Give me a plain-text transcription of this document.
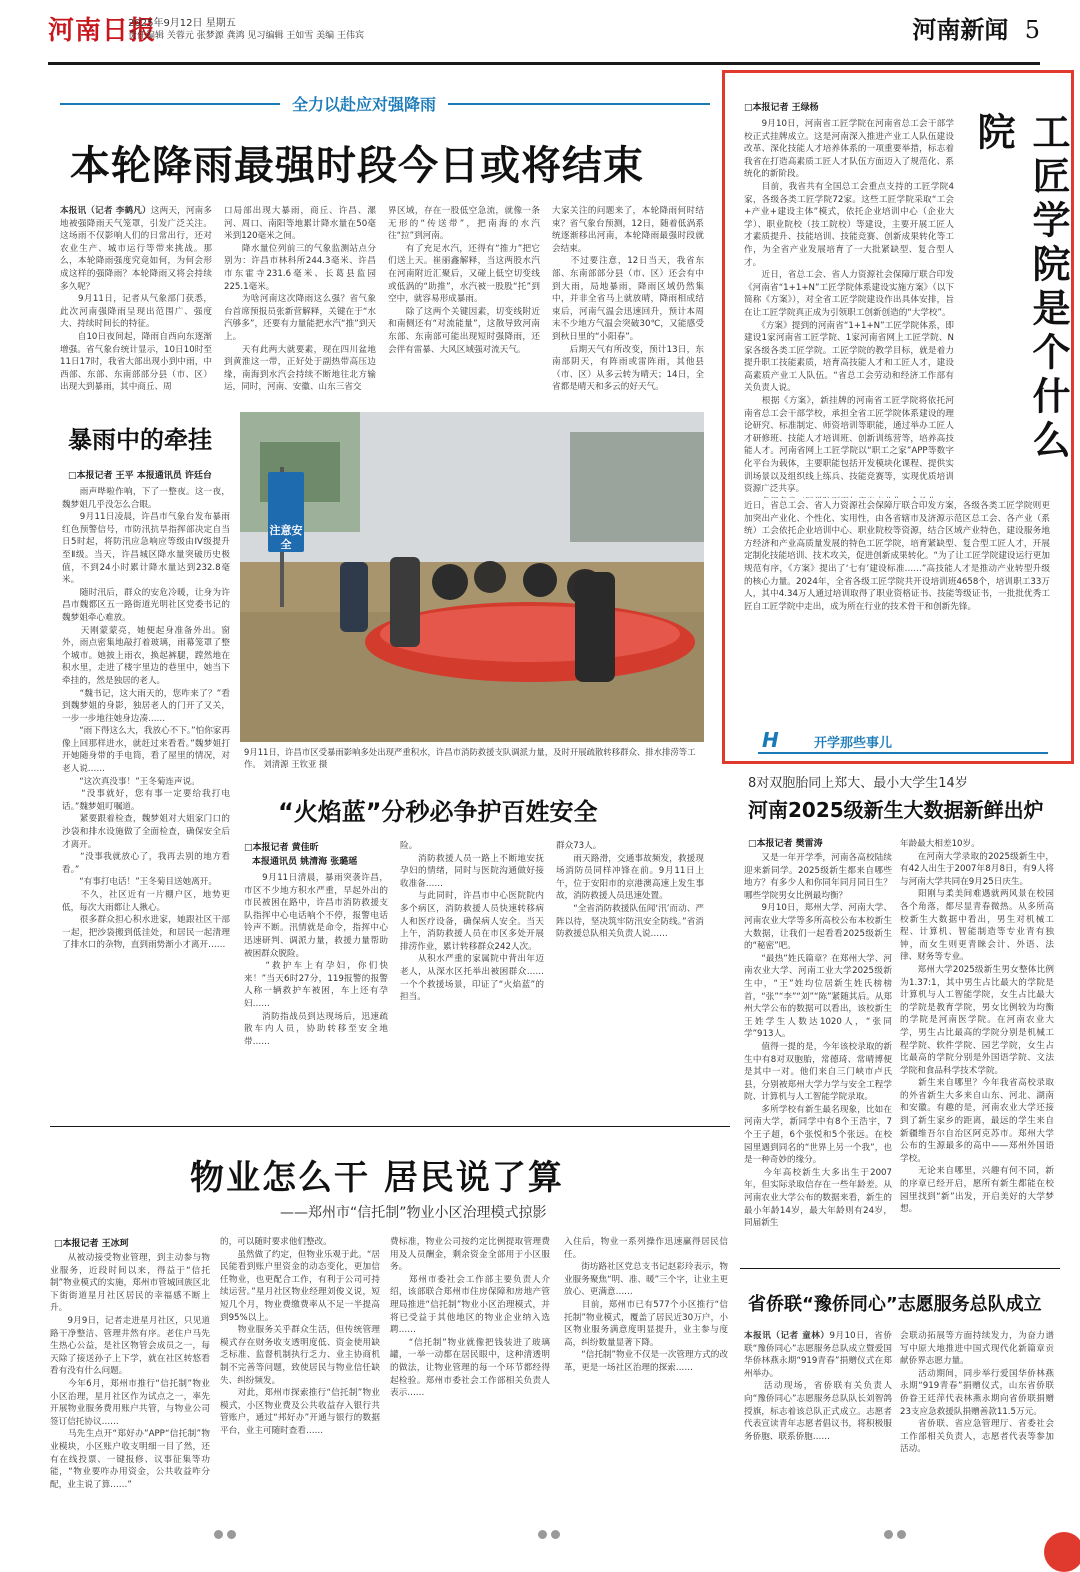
河南日报
2025年9月12日 星期五
责任编辑 关蓉元 张梦源 龚鸿 见习编辑 王如雪 美编 王伟宾	河南新闻 5
全力以赴应对强降雨
本轮降雨最强时段今日或将结束
本报讯（记者 李鹤凡）这两天，河南多地被强降雨天气笼罩，引发广泛关注。这场雨不仅影响人们的日常出行，还对农业生产、城市运行等带来挑战。那么，本轮降雨强度究竟如何，为何会形成这样的强降雨？本轮降雨又将会持续多久呢？
　　9月11日，记者从气象部门获悉，此次河南强降雨呈现出范围广、强度大、持续时间长的特征。
　　自10日夜间起，降雨自西向东逐渐增强。省气象台统计显示，10日10时至11日17时，我省大部出现小到中雨，中西部、东部、东南部部分县（市、区）出现大到暴雨，其中商丘、周
口局部出现大暴雨，商丘、许昌、漯河、周口、南阳等地累计降水量在50毫米到120毫米之间。
　　降水量位列前三的气象监测站点分别为：许昌市林科所244.3毫米、许昌市东霍寺231.6毫米、长葛县监园225.1毫米。
　　为啥河南这次降雨这么强？省气象台首席预报员张新营解释，关键在于“水汽够多”，还要有力量能把水汽“推”到天上。
　　天有此两大就要素，现在四川盆地到黄淮这一带，正好处于副热带高压边缘，南海到水汽会持续不断地往北方输运，同时，河南、安徽、山东三省交
界区域，存在一股低空急流，就像一条无形的“传送带”，把南海的水汽往“拉”到河南。
　　有了充足水汽，还得有“推力”把它们送上天。崔丽鑫解释，当这两股水汽在河南附近汇聚后，又碰上低空切变线或低涡的“助推”，水汽被一股股“托”到空中，就容易形成暴雨。
　　除了这两个关键因素，切变线附近和南侧还有“对流能量”，这散导致河南东部、东南部可能出现短时强降雨，还会伴有雷暴、大风区域强对流天气。
大家关注的问题来了，本轮降雨何时结束？省气象台预测，12日，随着低涡系统逐渐移出河南，本轮降雨最强时段就会结束。
　　不过要注意，12日当天，我省东部、东南部部分县（市、区）还会有中到大雨，局地暴雨，降雨区域仍然集中，并非全省马上就放晴，降雨相成结束后，河南气温会迅速回升，预计本周末不少地方气温会突破30℃，又能感受到秋日里的“小阳春”。
　　后期天气有所改变，预计13日，东南部阴天，有阵雨或雷阵雨，其他县（市、区）从多云转为晴天；14日，全省都是晴天和多云的好天气。
暴雨中的牵挂
□本报记者 王平 本报通讯员 许廷台
　　雨声哗啦作响，下了一整夜。这一夜，魏梦姐几乎没怎么合眼。
　　9月11日凌晨，许昌市气象台发布暴雨红色预警信号，市防汛抗旱指挥部决定自当日5时起，将防汛应急响应等级由IV级提升至Ⅱ级。当天，许昌城区降水量突破历史极值，不到24小时累计降水量达到232.8毫米。
　　随时汛后，群众的安危冷暖，让身为许昌市魏都区五一路街道光明社区党委书记的魏梦姐牵心难放。
　　天刚蒙蒙亮，她便起身准备外出。窗外，雨点密集地敲打着玻璃，雨幕笼罩了整个城市。她披上雨衣，换起裤腿，蹚然地在积水里，走进了楼宇里边的巷里中，她当下牵挂的，然是独居的老人。
　　“魏书记，这大雨天的，您咋来了？”看到魏梦姐的身影，独居老人的门开了又关，一步一步地往她身边凑……
　　“雨下得这么大，我放心不下。”怕你家再像上回那样进水，就赶过来看看。”魏梦姐打开她随身带的手电筒，看了屋里的情况，对老人说……
　　“这次真没事！”王冬菊连声说。
　　“没事就好，您有事一定要给我打电话。”魏梦姐叮嘱道。
　　紧要跟着检查，魏梦姐对大姐家门口的沙袋和排水设施做了全面检查，确保安全后才离开。
　　“没事我就放心了，我再去别的地方看看。”
　　“有事打电话！”王冬菊目送她离开。
　　不久，社区近有一片棚户区，地势更低，每次大雨都让人揪心。
　　很多群众担心积水进家，她跟社区干部一起，把沙袋搬到低洼处，和居民一起清理了排水口的杂物，直到雨势渐小才离开……
注意安全
9月11日，许昌市区受暴雨影响多处出现严重积水，许昌市消防救援支队调派力量，及时开展疏散转移群众、排水排涝等工作。 刘清源 王钦亚 摄
“火焰蓝”分秒必争护百姓安全
□本报记者 黄佳昕
本报通讯员 姚清海 张璐瑶
　　9月11日清晨，暴雨突袭许昌，市区不少地方积水严重，早起外出的市民被困在路中，许昌市消防救援支队指挥中心电话响个不停，报警电话铃声不断。汛情就是命令，指挥中心迅速研判、调派力量，救援力量帮助被困群众脱险。
　　“救护车上有孕妇，你们快来！”当天6时27分，119报警的报警人称一辆救护车被困，车上还有孕妇……
　　消防指战员到达现场后，迅速疏散车内人员，协助转移至安全地带……
险。
　　消防救援人员一路上不断地安抚孕妇的情绪，同时与医院沟通做好接收准备……
　　与此同时，许昌市中心医院院内多个病区，消防救援人员快速转移病人和医疗设备，确保病人安全。当天上午，消防救援人员在市区多处开展排涝作业，累计转移群众242人次。
　　从积水严重的家属院中背出年迈老人，从深水区托举出被困群众……一个个救援场景，印证了“火焰蓝”的担当。
群众73人。
　　雨天路滑，交通事故频发，救援现场消防员同样冲锋在前。9月11日上午，位于安阳市的京港澳高速上发生事故，消防救援人员迅速处置。
　　“全省消防救援队伍闻‘汛’而动、严阵以待，坚决筑牢防汛安全防线。”省消防救援总队相关负责人说……
□本报记者 王绿杨
　　9月10日，河南省工匠学院在河南省总工会干部学校正式挂牌成立。这是河南深入推进产业工人队伍建设改革、深化技能人才培养体系的一项重要举措，标志着我省在打造高素质工匠人才队伍方面迈入了规范化、系统化的新阶段。
　　目前，我省共有全国总工会重点支持的工匠学院4家，各级各类工匠学院72家。这些工匠学院采取“工会+产业+建设主体”模式，依托企业培训中心（企业大学）、职业院校（技工院校）等建设，主要开展工匠人才素质提升、技能培训、技能竞赛、创新成果转化等工作，为全省产业发展培育了一大批紧缺型、复合型人才。
　　近日，省总工会、省人力资源社会保障厅联合印发《河南省“1+1+N”工匠学院体系建设实施方案》（以下简称《方案》），对全省工匠学院建设作出具体安排，旨在让工匠学院真正成为引领职工创新创造的“大学校”。
　　《方案》提到的河南省“1+1+N”工匠学院体系，即建设1家河南省工匠学院、1家河南省网上工匠学院、N家各级各类工匠学院。工匠学院的教学目标，就是着力提升职工技能素质，培育高技能人才和工匠人才，建设高素质产业工人队伍。“省总工会劳动和经济工作部有关负责人说。
　　根据《方案》，新挂牌的河南省工匠学院将依托河南省总工会干部学校，承担全省工匠学院体系建设的理论研究、标准制定、师资培训等职能，通过举办工匠人才研修班、技能人才培训班、创新训练营等，培养高技能人才。河南省网上工匠学院以“职工之家”APP等数字化平台为载体，主要职能包括开发模块化课程、提供实训场景以及组织线上练兵、技能竞赛等，实现优质培训资源广泛共享。

工匠学院是个什么院
近日，省总工会、省人力资源社会保障厅联合印发方案，各级各类工匠学院则更加突出产业化、个性化、实用性，由各省辖市及济源示范区总工会、各产业（系统）工会依托企业培训中心、职业院校等资源，结合区域产业特色，建设服务地方经济和产业高质量发展的特色工匠学院，培育紧缺型、复合型工匠人才，开展定制化技能培训、技术攻关，促进创新成果转化。“为了让工匠学院建设运行更加规范有序，《方案》提出了‘七有’建设标准……”高技能人才是推动产业转型升级的核心力量。2024年，全省各级工匠学院共开设培训班4658个，培训职工33万人，其中4.34万人通过培训取得了职业资格证书、技能等级证书，一批批优秀工匠自工匠学院中走出，成为所在行业的技术骨干和创新先锋。
H	开学那些事儿
8对双胞胎同上郑大、最小大学生14岁
河南2025级新生大数据新鲜出炉
□本报记者 樊雷涛
　　又是一年开学季，河南各高校陆续迎来新同学。2025级新生都来自哪些地方？有多少人和你同年同月同日生？哪些学院男女比例最均衡？
　　9月10日，郑州大学、河南大学、河南农业大学等多所高校公布本校新生大数据，让我们一起看看2025级新生的“秘密”吧。
　　“最热”姓氏篇章？在郑州大学、河南农业大学、河南工业大学2025级新生中，“王”姓均位居新生姓氏榜榜首，“张”“李”“刘”“陈”紧随其后。从郑州大学公布的数据可以看出，该校新生王姓学生人数达1020人，“张同学”913人。
　　值得一提的是，今年该校录取的新生中有8对双胞胎，常德琦、常晴博便是其中一对。他们来自三门峡市卢氏县，分别被郑州大学力学与安全工程学院、计算机与人工智能学院录取。
　　多所学校有新生最名现象，比如在河南大学，新同学中有8个王浩宇，7个王子超，6个张悦和5个张远。在校园里遇到同名的“世界上另一个我”，也是一种奇妙的缘分。
　　今年高校新生大多出生于2007年，但实际录取信存在一些年龄差。从河南农业大学公布的数据来看，新生的最小年龄14岁，最大年龄则有24岁，同届新生
年龄最大相差10岁。
　　在河南大学录取的2025级新生中，有42人出生于2007年8月8日，有9人将与河南大学共同在9月25日庆生。
　　阳刚与柔美间难遇就两风景在校园各个角落，都尽显青春微热。从多所高校新生大数据中看出，男生对机械工程、计算机、智能制造等专业青有独钟，而女生则更青睐会计、外语、法律、财务等专业。
　　郑州大学2025级新生男女整体比例为1.37:1，其中男生占比最大的学院是计算机与人工智能学院，女生占比最大的学院是教育学院，男女比例较为均衡的学院是河南医学院。在河南农业大学，男生占比最高的学院分别是机械工程学院、软件学院、园艺学院，女生占比最高的学院分别是外国语学院、文法学院和食品科学技术学院。
　　新生来自哪里？今年我省高校录取的外省新生大多来自山东、河北、湖南和安徽。有趣的是，河南农业大学还接到了新生家乡的距离，最远的学生来自新疆维吾尔自治区阿克苏市。郑州大学公布的生源最多的高中——郑州外国语学校。
　　无论来自哪里，兴趣有何不同，新的序章已经开启，愿所有新生都能在校园里找到“新”出发，开启美好的大学梦想。
省侨联“豫侨同心”志愿服务总队成立
本报讯（记者 童林）9月10日，省侨联“豫侨同心”志愿服务总队成立暨爱国华侨林燕永期“919青春”捐赠仪式在郑州举办。
　　活动现场，省侨联有关负责人向“豫侨同心”志愿服务总队队长刘智鸽授旗，标志着该总队正式成立。志愿者代表宣读青年志愿者倡议书，将积极服务侨胞、联系侨胞……
会联动拓展等方面持续发力，为奋力谱写中原大地推进中国式现代化新篇章贡献侨界志愿力量。
　　活动期间，同步举行爱国华侨林燕永期“919青春”捐赠仪式，山东省侨联侨眷王廷萍代表林燕永期向省侨联捐赠23支应急救援队捐赠善款11.5万元。
　　省侨联、省应急管理厅、省委社会工作部相关负责人，志愿者代表等参加活动。
物业怎么干 居民说了算
——郑州市“信托制”物业小区治理模式掠影
□本报记者 王冰珂
　　从被动接受物业管理，到主动参与物业服务，近段时间以来，得益于“信托制”物业模式的实施，郑州市管城回族区北下街街道星月社区居民的幸福感不断上升。
　　9月9日，记者走进星月社区，只见道路干净整洁、管理井然有序。老住户马先生热心公益，是社区物管会成员之一，每天除了接送孙子上下学，就在社区转悠看看有没有什么问题。
　　今年6月，郑州市推行“信托制”物业小区治理，星月社区作为试点之一，率先开展物业服务费用账户共管，与物业公司签订信托协议……
　　马先生点开“郑好办”APP“信托制”物业模块，小区账户收支明细一目了然，还有在线投票、一键报修、议事征集等功能，“物业要咋办用资金，公共收益咋分配，业主说了算……”
的，可以随时要求他们整改。
　　虽然做了约定，但物业乐观于此。“居民能看到账户里资金的动态变化，更加信任物业，也更配合工作，有利于公司可持续运营。”星月社区物业经理刘俊义说，短短几个月，物业费缴费率从不足一半提高到95%以上。
　　物业服务关乎群众生活，但传统管理模式存在财务收支透明度低、资金使用缺乏标准、监督机制执行乏力、业主协商机制不完善等问题，致使居民与物业信任缺失、纠纷频发。
　　对此，郑州市探索推行“信托制”物业模式，小区物业费及公共收益存入银行共管账户，通过“邦好办”开通与银行的数据平台，业主可随时查看……
费标准，物业公司按约定比例提取管理费用及人员酬金，剩余资金全部用于小区服务。
　　郑州市委社会工作部主要负责人介绍，该部联合郑州市住房保障和房地产管理局推进“信托制”物业小区治理模式，并将已受益于其他地区的物业企业纳入选聘……
　　“信托制”物业就像把钱装进了玻璃罐，一举一动都在居民眼中，这种清透明的做法，让物业管理的每一个环节都经得起检验。郑州市委社会工作部相关负责人表示……
入住后，物业一系列操作迅速赢得居民信任。
　　街坊路社区党总支书记赵彩玲表示，物业服务聚焦“明、准、暖”三个字，让业主更放心、更满意……
　　目前，郑州市已有577个小区推行“信托制”物业模式，覆盖了居民近30万户，小区物业服务满意度明显提升，业主参与度高，纠纷数量显著下降。
　　“信托制”物业不仅是一次管理方式的改革，更是一场社区治理的探索……
